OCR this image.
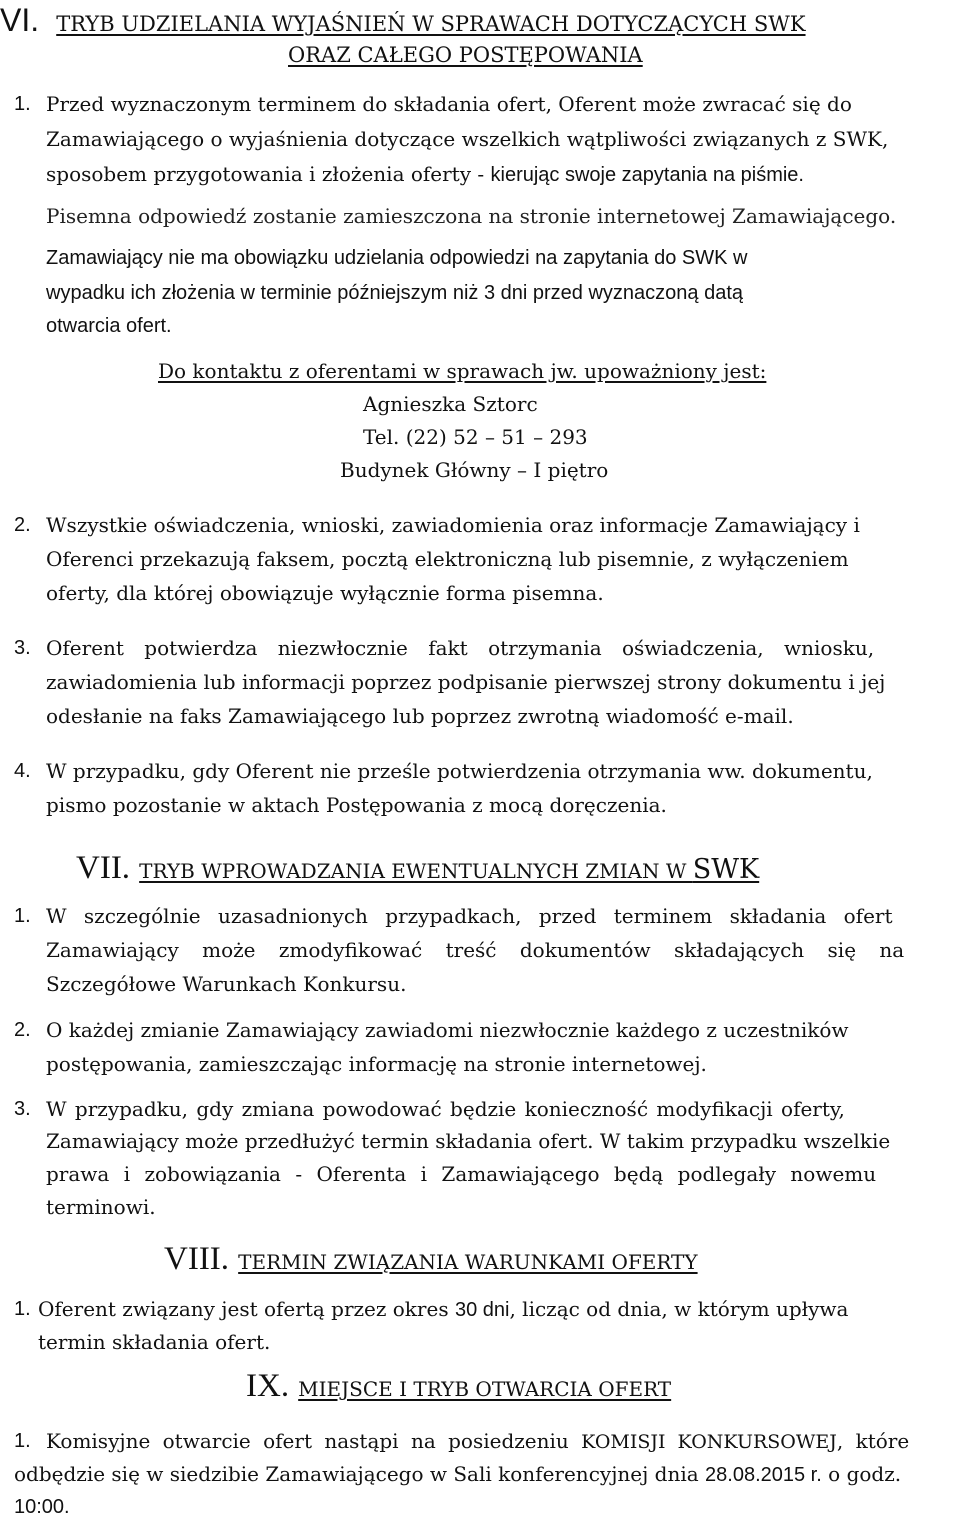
VI. TRYB UDZIELANIA WYJAŚNIEŃ W SPRAWACH DOTYCZĄCYCH SWK
ORAZ CAŁEGO POSTĘPOWANIA
1. Przed wyznaczonym terminem do składania ofert, Oferent może zwracać się do
Zamawiającego o wyjaśnienia dotyczące wszelkich wątpliwości związanych z SWK,
sposobem przygotowania i złożenia oferty - kierując swoje zapytania na piśmie.
Pisemna odpowiedź zostanie zamieszczona na stronie internetowej Zamawiającego.
Zamawiający nie ma obowiązku udzielania odpowiedzi na zapytania do SWK w
wypadku ich złożenia w terminie późniejszym niż 3 dni przed wyznaczoną datą
otwarcia ofert.
Do kontaktu z oferentami w sprawach jw. upoważniony jest:
Agnieszka Sztorc
Tel. (22) 52 – 51 – 293
Budynek Główny – I piętro
2. Wszystkie oświadczenia, wnioski, zawiadomienia oraz informacje Zamawiający i
Oferenci przekazują faksem, pocztą elektroniczną lub pisemnie, z wyłączeniem
oferty, dla której obowiązuje wyłącznie forma pisemna.
3. Oferent potwierdza niezwłocznie fakt otrzymania oświadczenia, wniosku,
zawiadomienia lub informacji poprzez podpisanie pierwszej strony dokumentu i jej
odesłanie na faks Zamawiającego lub poprzez zwrotną wiadomość e-mail.
4. W przypadku, gdy Oferent nie prześle potwierdzenia otrzymania ww. dokumentu,
pismo pozostanie w aktach Postępowania z mocą doręczenia.
VII. TRYB WPROWADZANIA EWENTUALNYCH ZMIAN W SWK
1. W szczególnie uzasadnionych przypadkach, przed terminem składania ofert
Zamawiający może zmodyfikować treść dokumentów składających się na
Szczegółowe Warunkach Konkursu.
2. O każdej zmianie Zamawiający zawiadomi niezwłocznie każdego z uczestników
postępowania, zamieszczając informację na stronie internetowej.
3. W przypadku, gdy zmiana powodować będzie konieczność modyfikacji oferty,
Zamawiający może przedłużyć termin składania ofert. W takim przypadku wszelkie
prawa i zobowiązania - Oferenta i Zamawiającego będą podlegały nowemu
terminowi.
VIII. TERMIN ZWIĄZANIA WARUNKAMI OFERTY
1. Oferent związany jest ofertą przez okres 30 dni, licząc od dnia, w którym upływa
termin składania ofert.
IX. MIEJSCE I TRYB OTWARCIA OFERT
1. Komisyjne otwarcie ofert nastąpi na posiedzeniu KOMISJI KONKURSOWEJ, które
odbędzie się w siedzibie Zamawiającego w Sali konferencyjnej dnia 28.08.2015 r. o godz.
10:00.
